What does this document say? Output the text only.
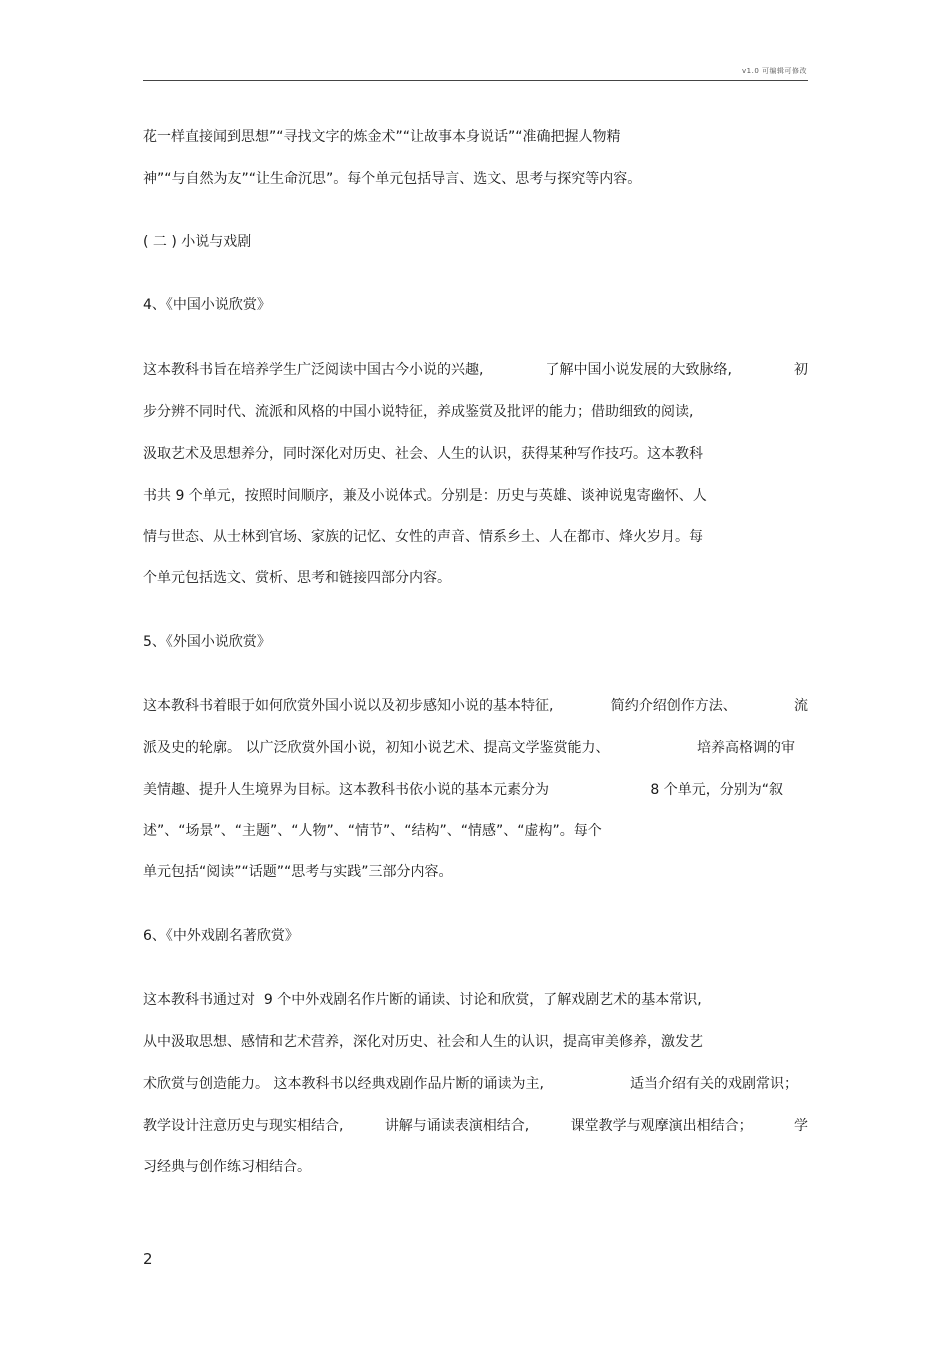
v1.0 可编辑可修改
花一样直接闻到思想”“寻找文字的炼金术”“让故事本身说话”“准确把握人物精
神”“与自然为友”“让生命沉思”。每个单元包括导言、选文、思考与探究等内容。
( 二 ) 小说与戏剧
4、《中国小说欣赏》
这本教科书旨在培养学生广泛阅读中国古今小说的兴趣,	了解中国小说发展的大致脉络,	初
步分辨不同时代、流派和风格的中国小说特征，养成鉴赏及批评的能力；借助细致的阅读,
汲取艺术及思想养分，同时深化对历史、社会、人生的认识，获得某种写作技巧。这本教科
书共 9 个单元，按照时间顺序，兼及小说体式。分别是：历史与英雄、谈神说鬼寄幽怀、人
情与世态、从士林到官场、家族的记忆、女性的声音、情系乡土、人在都市、烽火岁月。每
个单元包括选文、赏析、思考和链接四部分内容。
5、《外国小说欣赏》
这本教科书着眼于如何欣赏外国小说以及初步感知小说的基本特征,	简约介绍创作方法、	流
派及史的轮廓。 以广泛欣赏外国小说，初知小说艺术、提高文学鉴赏能力、	培养高格调的审
美情趣、提升人生境界为目标。这本教科书依小说的基本元素分为	8 个单元，分别为“叙
述”、“场景”、“主题”、“人物”、“情节”、“结构”、“情感”、“虚构”。每个
单元包括“阅读”“话题”“思考与实践”三部分内容。
6、《中外戏剧名著欣赏》
这本教科书通过对  9 个中外戏剧名作片断的诵读、讨论和欣赏，了解戏剧艺术的基本常识,
从中汲取思想、感情和艺术营养，深化对历史、社会和人生的认识，提高审美修养，激发艺
术欣赏与创造能力。 这本教科书以经典戏剧作品片断的诵读为主,	适当介绍有关的戏剧常识；
教学设计注意历史与现实相结合,	讲解与诵读表演相结合,	课堂教学与观摩演出相结合；	学
习经典与创作练习相结合。
2
